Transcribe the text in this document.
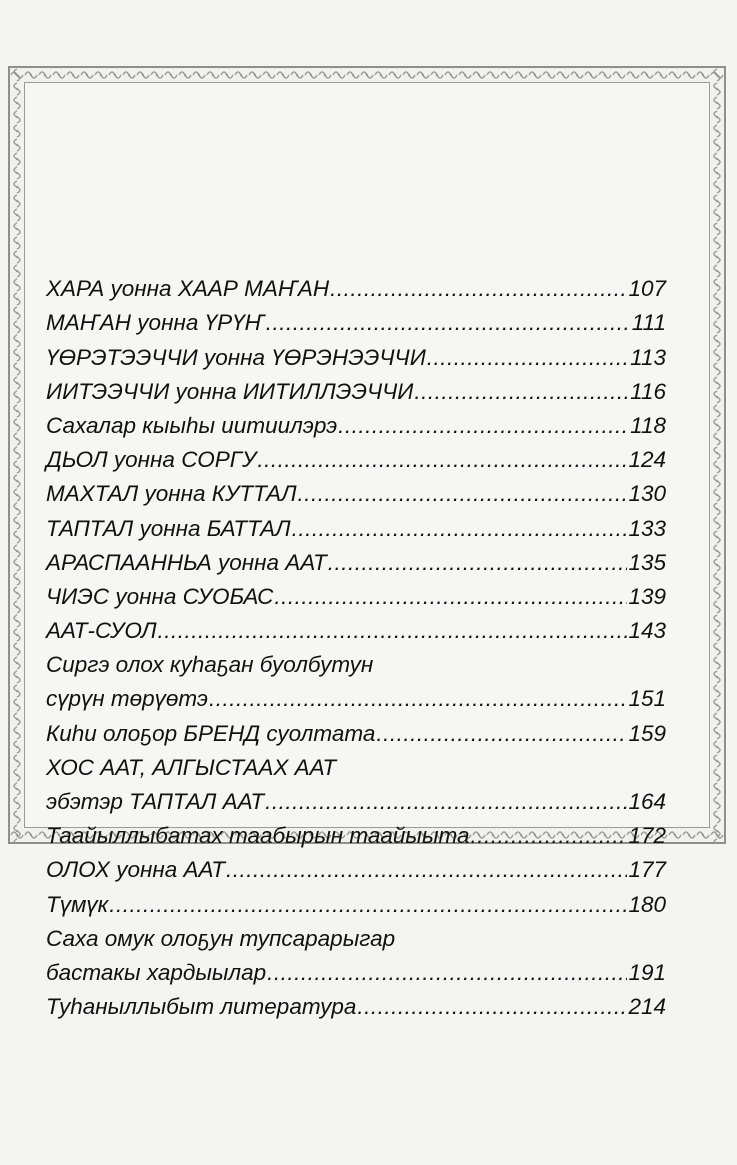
ХАРА уонна ХААР МАҤАН .....	107
МАҤАН уонна ҮРҮҤ .....	111
ҮӨРЭТЭЭЧЧИ уонна ҮӨРЭНЭЭЧЧИ .....	113
ИИТЭЭЧЧИ уонна ИИТИЛЛЭЭЧЧИ .....	116
Сахалар кыыһы иитиилэрэ .....	118
ДЬОЛ уонна СОРГУ .....	124
МАХТАЛ уонна КУТТАЛ .....	130
ТАПТАЛ уонна БАТТАЛ .....	133
АРАСПААННЬА уонна ААТ .....	135
ЧИЭС уонна СУОБАС .....	139
ААТ-СУОЛ .....	143
Сиргэ олох куһаҕан буолбутун
сүрүн төрүөтэ .....	151
Киһи олоҕор БРЕНД суолтата .....	159
ХОС ААТ, АЛГЫСТААХ ААТ
эбэтэр ТАПТАЛ ААТ .....	164
Таайыллыбатах таабырын таайыыта .....	172
ОЛОХ уонна ААТ .....	177
Түмүк .....	180
Саха омук олоҕун тупсарарыгар
бастакы хардыылар .....	191
Туһаныллыбыт литература .....	214
